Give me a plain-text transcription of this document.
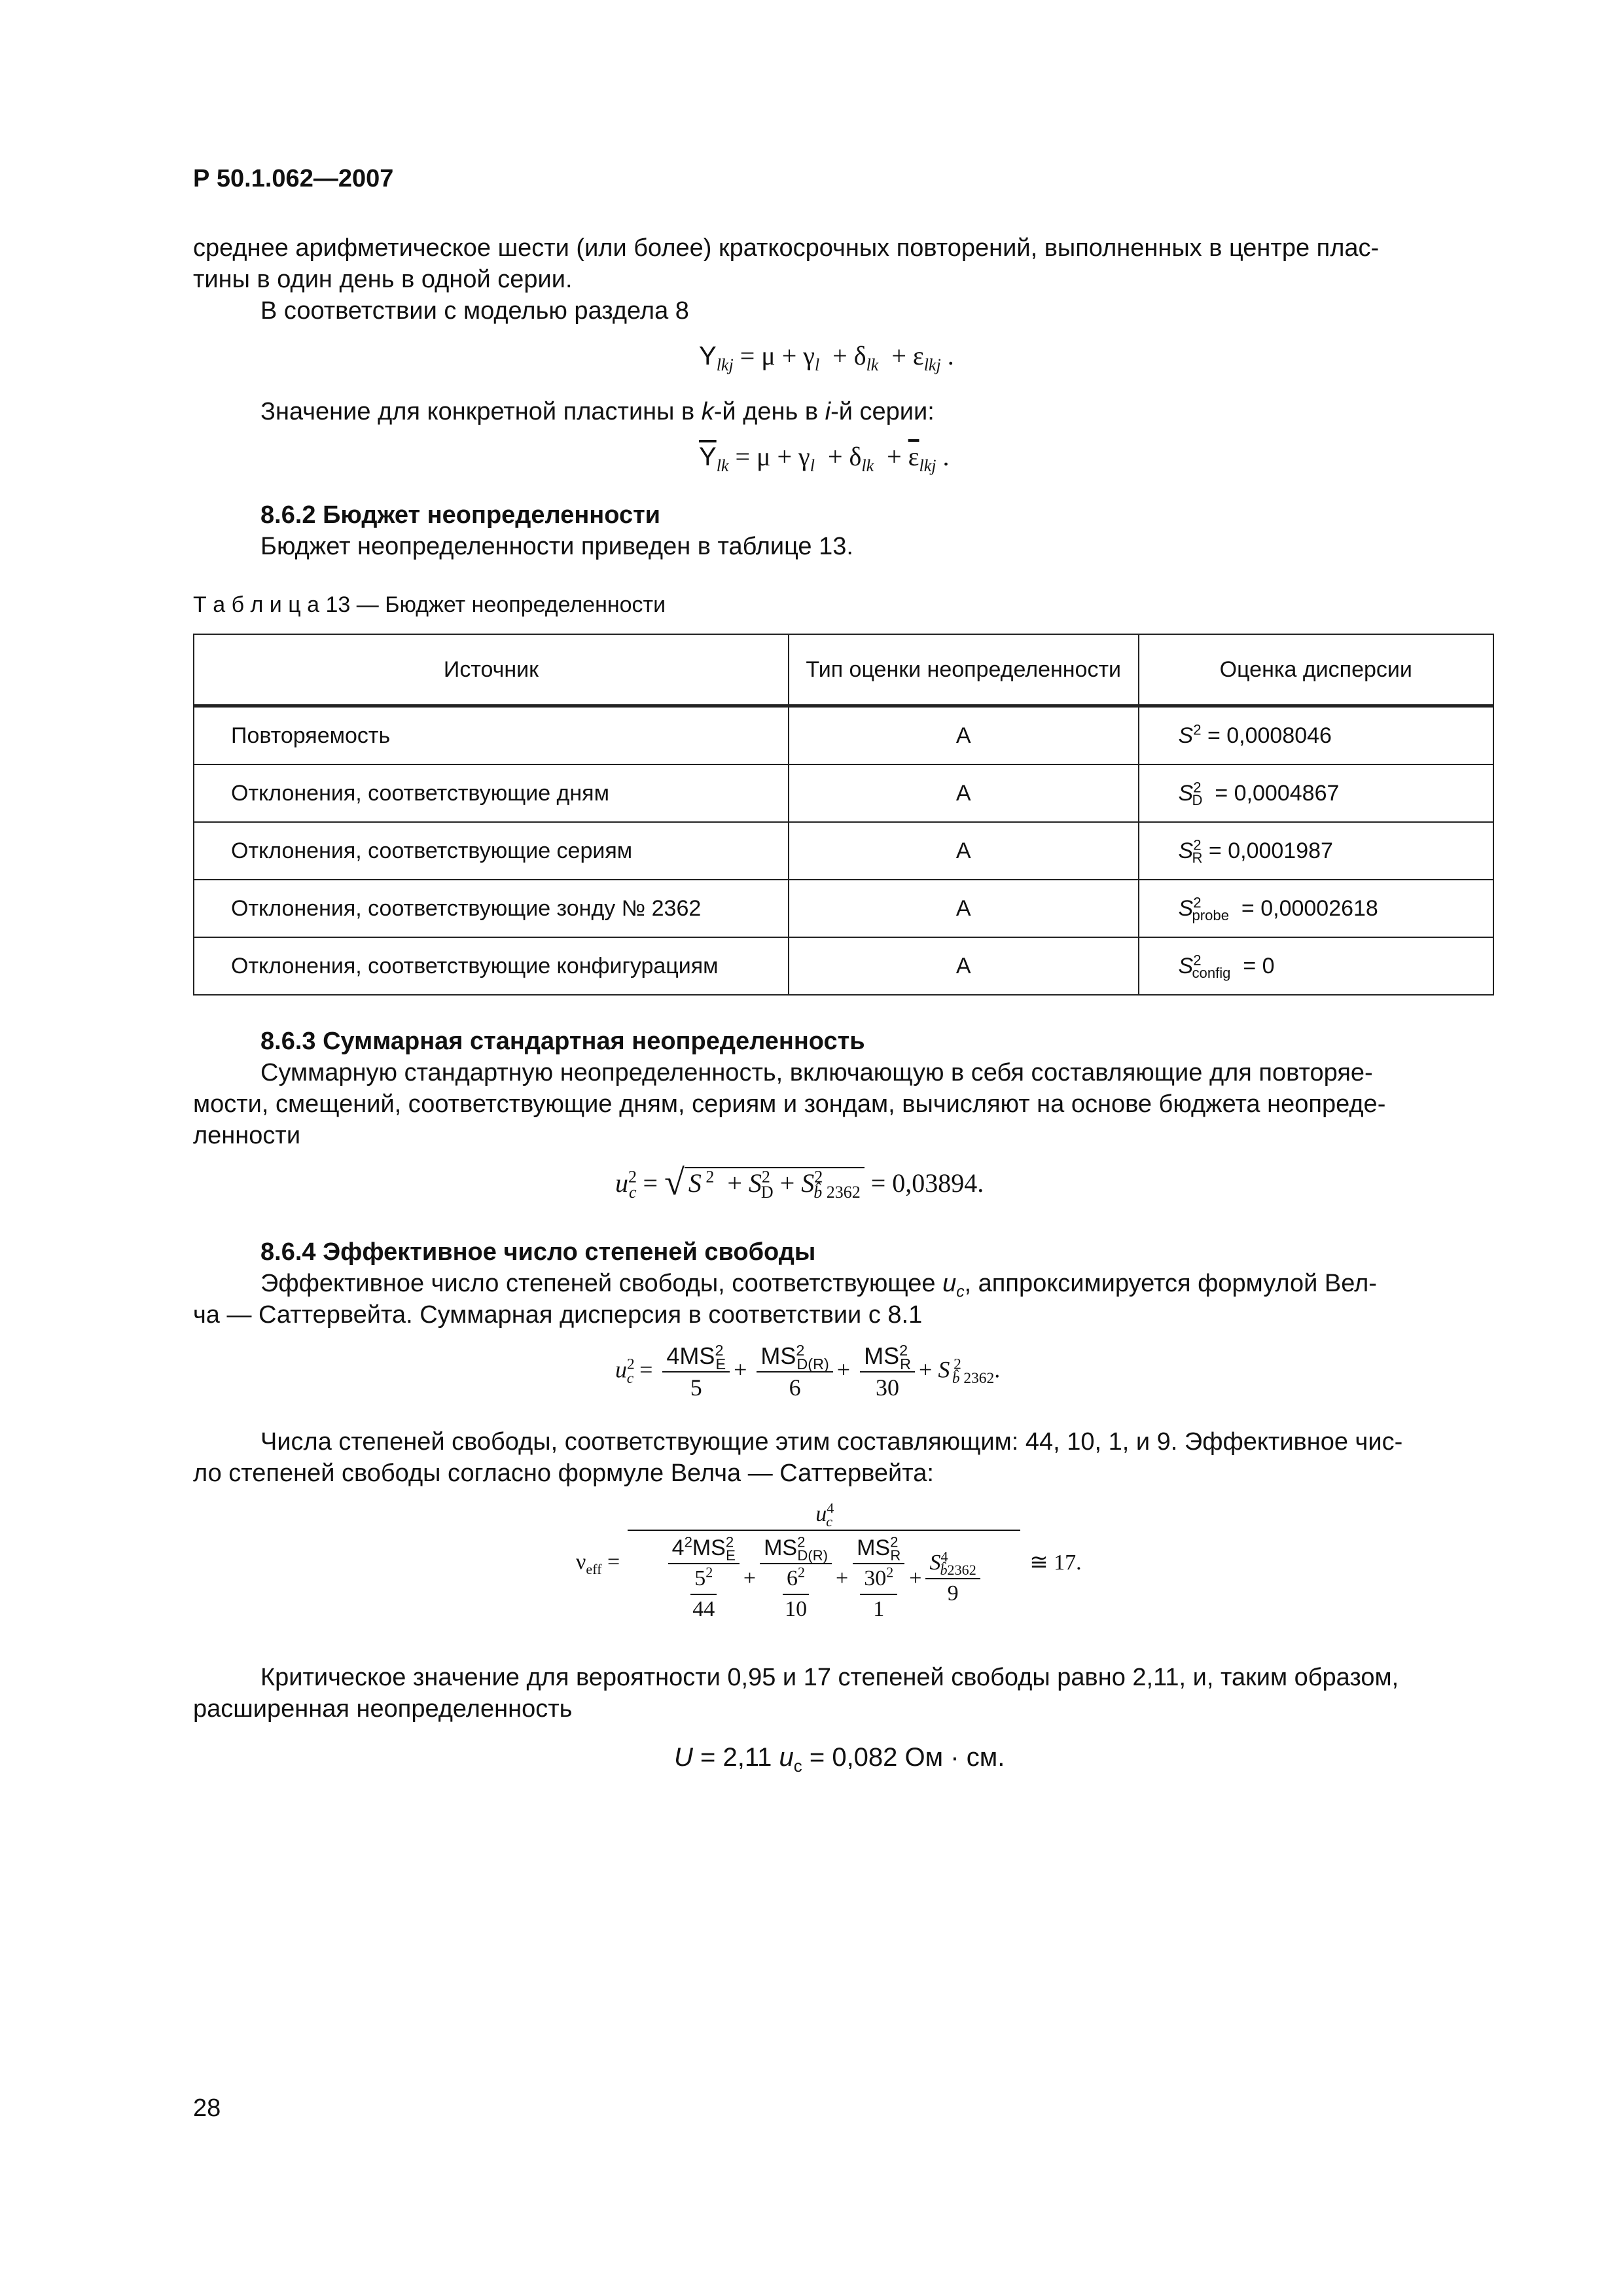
Р 50.1.062—2007
среднее арифметическое шести (или более) краткосрочных повторений, выполненных в центре плас-
тины в один день в одной серии.
В соответствии с моделью раздела 8
$Y_{lkj} = \mu + \gamma_l + \delta_{lk} + \varepsilon_{lkj}$ .
Значение для конкретной пластины в k-й день в i-й серии:
$\overline{Y}_{lk} = \mu + \gamma_l + \delta_{lk} + \overline{\varepsilon}_{lkj}$ .
8.6.2 Бюджет неопределенности
Бюджет неопределенности приведен в таблице 13.
Т а б л и ц а 13 — Бюджет неопределенности
Источник	Тип оценки неопределенности	Оценка дисперсии
Повторяемость	А	$S^2 = 0,0008046$
Отклонения, соответствующие дням	А	$S^2_D = 0,0004867$
Отклонения, соответствующие сериям	А	$S^2_R = 0,0001987$
Отклонения, соответствующие зонду № 2362	А	$S^2_{probe} = 0,00002618$
Отклонения, соответствующие конфигурациям	А	$S^2_{config} = 0$
8.6.3 Суммарная стандартная неопределенность
Суммарную стандартную неопределенность, включающую в себя составляющие для повторяе-
мости, смещений, соответствующие дням, сериям и зондам, вычисляют на основе бюджета неопреде-
ленности
$u^2_c$ = √ S $^2 + S^2_D + S^2_{b̂ 2362} = 0,03894$.
8.6.4 Эффективное число степеней свободы
Эффективное число степеней свободы, соответствующее $u_c$, аппроксимируется формулой Вел-
ча — Саттервейта. Суммарная дисперсия в соответствии с 8.1
$u^2_c = \frac{4MS^2_E}{5} + \frac{MS^2_{D(R)}}{6} + \frac{MS^2_R}{30} + S$ $^2_{b̂ 2362}$.
Числа степеней свободы, соответствующие этим составляющим: 44, 10, 1, и 9. Эффективное чис-
ло степеней свободы согласно формуле Велча — Саттервейта:
$\nu_{eff}$ =
$u^4_c$
$\frac{4^2MS^2_E}{\frac{5^2}{44}} + \frac{MS^2_{D(R)}}{\frac{6^2}{10}} + \frac{MS^2_R}{\frac{30^2}{1}} + \frac{S^4_{b̂2362}}{9}$ ≅ 17.
Критическое значение для вероятности 0,95 и 17 степеней свободы равно 2,11, и, таким образом,
расширенная неопределенность
U = 2,11 $u_c = 0,082$ Ом · см.
28
